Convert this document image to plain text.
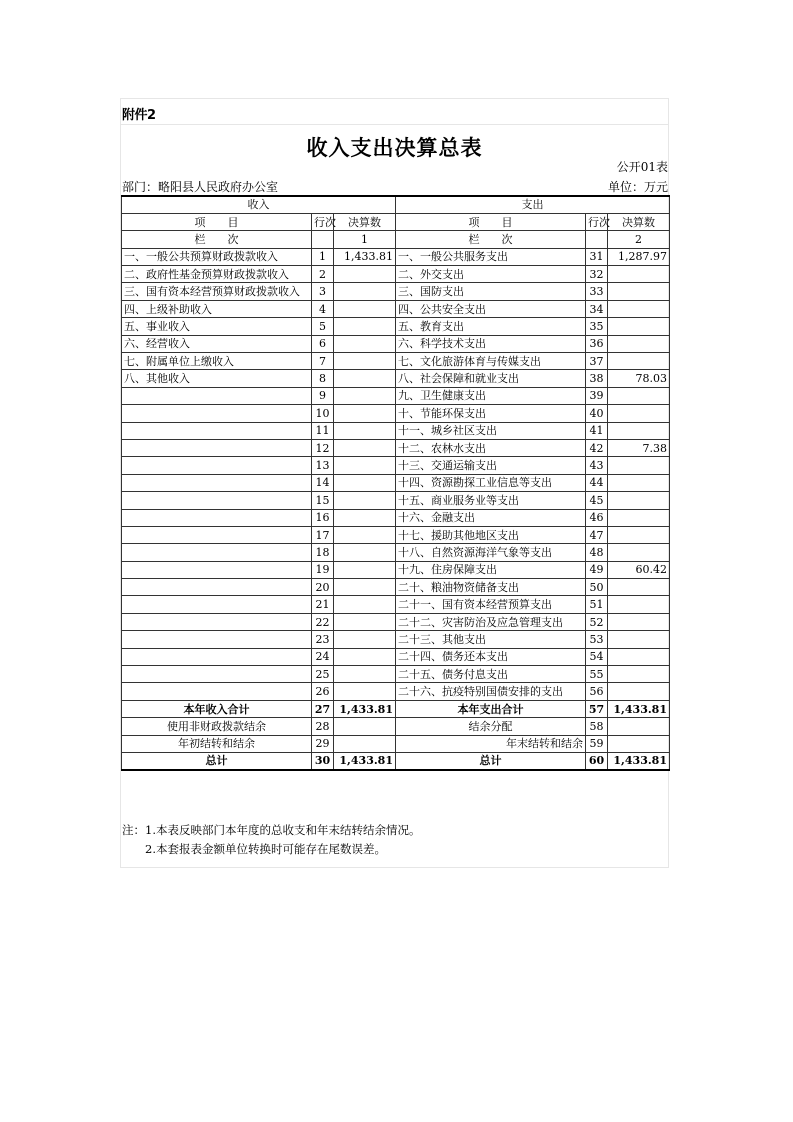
附件2
收入支出决算总表
公开01表
部门：略阳县人民政府办公室	单位：万元
收入			支出		
项　　目	行次	决算数	项　　目	行次	决算数
栏　　次		1	栏　　次		2
一、一般公共预算财政拨款收入	1	1,433.81	一、一般公共服务支出	31	1,287.97
二、政府性基金预算财政拨款收入	2		二、外交支出	32	
三、国有资本经营预算财政拨款收入	3		三、国防支出	33	
四、上级补助收入	4		四、公共安全支出	34	
五、事业收入	5		五、教育支出	35	
六、经营收入	6		六、科学技术支出	36	
七、附属单位上缴收入	7		七、文化旅游体育与传媒支出	37	
八、其他收入	8		八、社会保障和就业支出	38	78.03
	9		九、卫生健康支出	39	
	10		十、节能环保支出	40	
	11		十一、城乡社区支出	41	
	12		十二、农林水支出	42	7.38
	13		十三、交通运输支出	43	
	14		十四、资源勘探工业信息等支出	44	
	15		十五、商业服务业等支出	45	
	16		十六、金融支出	46	
	17		十七、援助其他地区支出	47	
	18		十八、自然资源海洋气象等支出	48	
	19		十九、住房保障支出	49	60.42
	20		二十、粮油物资储备支出	50	
	21		二十一、国有资本经营预算支出	51	
	22		二十二、灾害防治及应急管理支出	52	
	23		二十三、其他支出	53	
	24		二十四、债务还本支出	54	
	25		二十五、债务付息支出	55	
	26		二十六、抗疫特别国债安排的支出	56	
本年收入合计	27	1,433.81	本年支出合计	57	1,433.81
使用非财政拨款结余	28		结余分配	58	
年初结转和结余	29		年末结转和结余	59	
总计	30	1,433.81	总计	60	1,433.81
注：1.本表反映部门本年度的总收支和年末结转结余情况。
2.本套报表金额单位转换时可能存在尾数误差。
